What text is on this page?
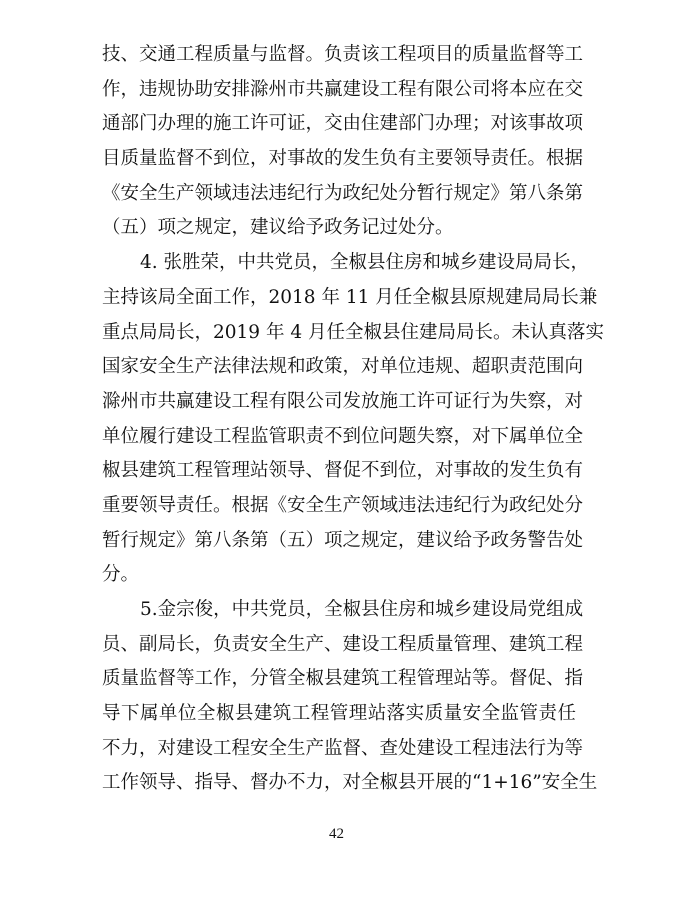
技、交通工程质量与监督。负责该工程项目的质量监督等工
作，违规协助安排滁州市共赢建设工程有限公司将本应在交
通部门办理的施工许可证，交由住建部门办理；对该事故项
目质量监督不到位，对事故的发生负有主要领导责任。根据
《安全生产领域违法违纪行为政纪处分暂行规定》第八条第
（五）项之规定，建议给予政务记过处分。
4. 张胜荣，中共党员，全椒县住房和城乡建设局局长，
主持该局全面工作，2018 年 11 月任全椒县原规建局局长兼
重点局局长，2019 年 4 月任全椒县住建局局长。未认真落实
国家安全生产法律法规和政策，对单位违规、超职责范围向
滁州市共赢建设工程有限公司发放施工许可证行为失察，对
单位履行建设工程监管职责不到位问题失察，对下属单位全
椒县建筑工程管理站领导、督促不到位，对事故的发生负有
重要领导责任。根据《安全生产领域违法违纪行为政纪处分
暂行规定》第八条第（五）项之规定，建议给予政务警告处
分。
5.金宗俊，中共党员，全椒县住房和城乡建设局党组成
员、副局长，负责安全生产、建设工程质量管理、建筑工程
质量监督等工作，分管全椒县建筑工程管理站等。督促、指
导下属单位全椒县建筑工程管理站落实质量安全监管责任
不力，对建设工程安全生产监督、查处建设工程违法行为等
工作领导、指导、督办不力，对全椒县开展的“1+16”安全生
42
